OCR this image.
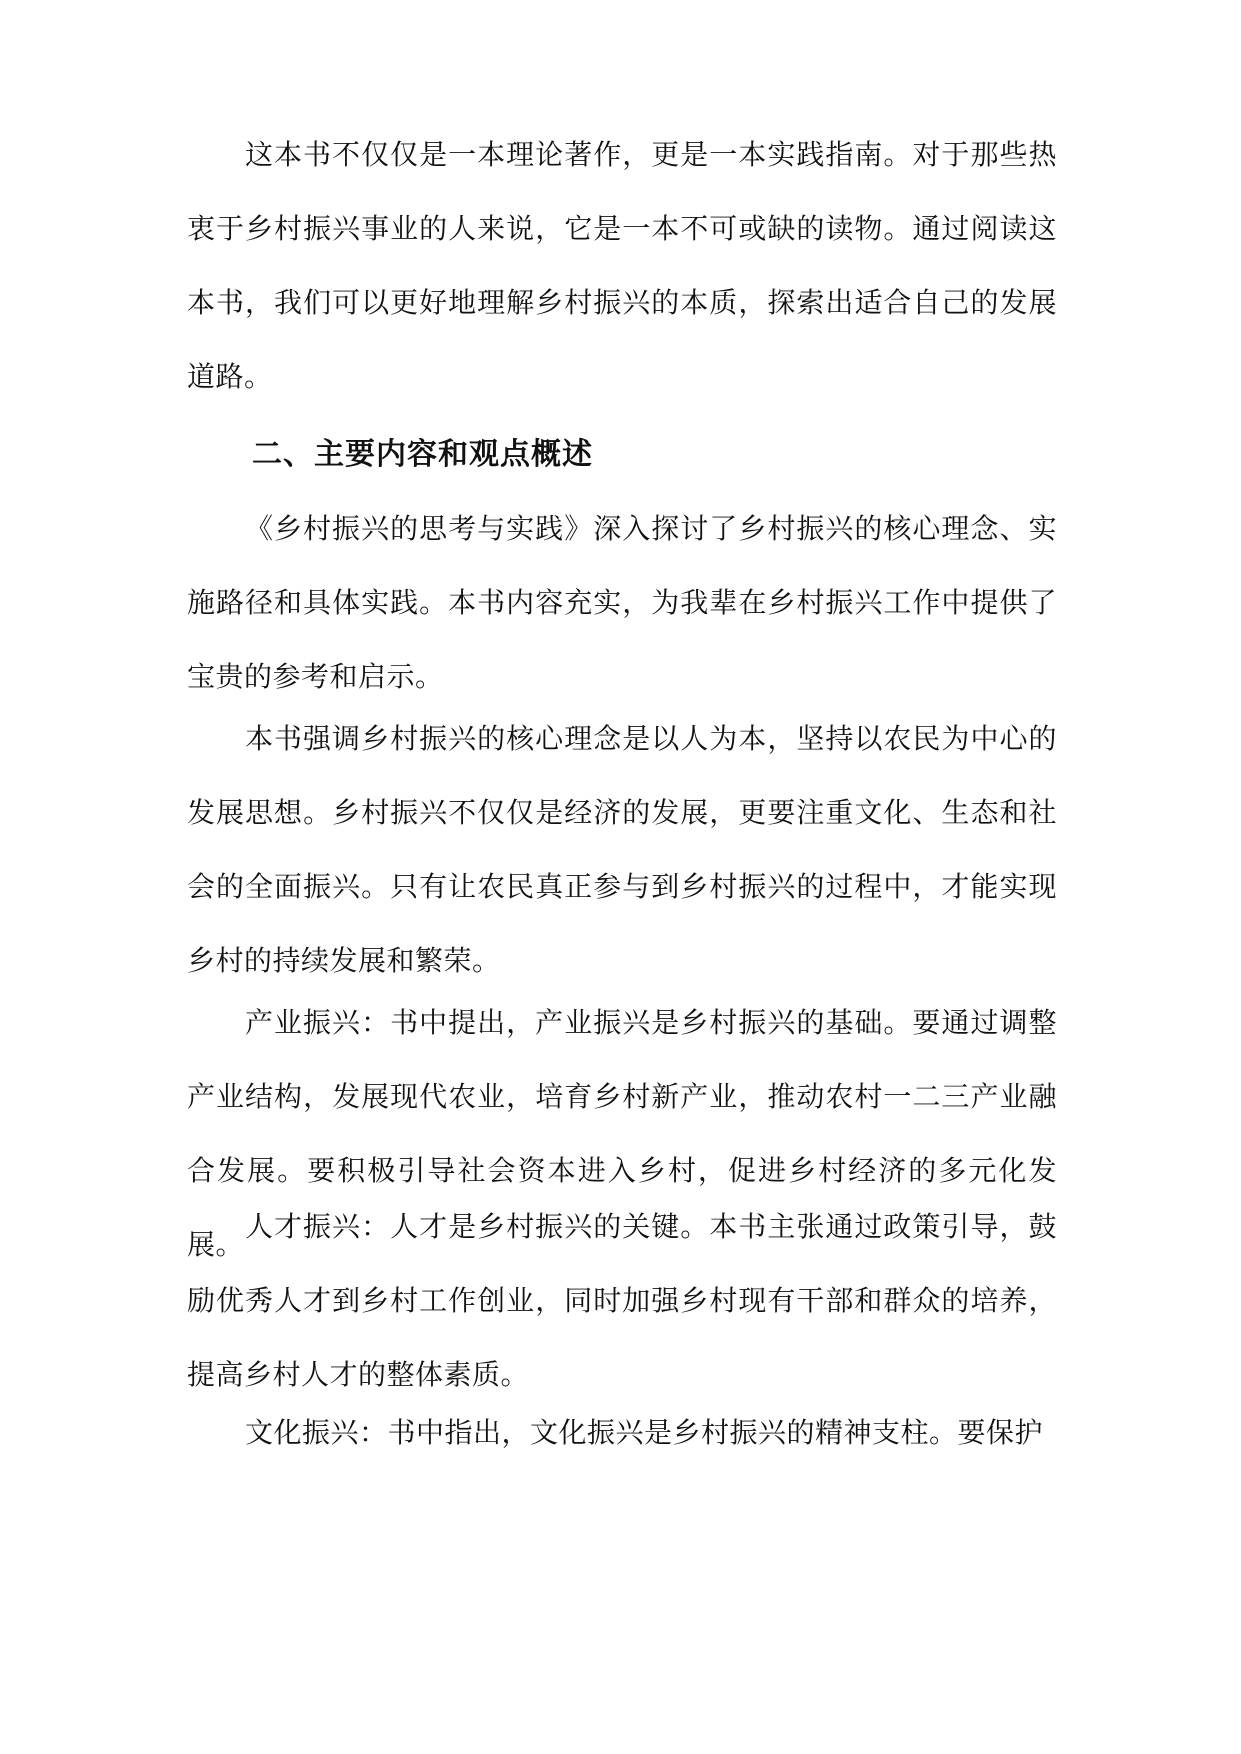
这本书不仅仅是一本理论著作，更是一本实践指南。对于那些热衷于乡村振兴事业的人来说，它是一本不可或缺的读物。通过阅读这本书，我们可以更好地理解乡村振兴的本质，探索出适合自己的发展道路。

二、主要内容和观点概述

《乡村振兴的思考与实践》深入探讨了乡村振兴的核心理念、实施路径和具体实践。本书内容充实，为我辈在乡村振兴工作中提供了宝贵的参考和启示。

本书强调乡村振兴的核心理念是以人为本，坚持以农民为中心的发展思想。乡村振兴不仅仅是经济的发展，更要注重文化、生态和社会的全面振兴。只有让农民真正参与到乡村振兴的过程中，才能实现乡村的持续发展和繁荣。

产业振兴：书中提出，产业振兴是乡村振兴的基础。要通过调整产业结构，发展现代农业，培育乡村新产业，推动农村一二三产业融合发展。要积极引导社会资本进入乡村，促进乡村经济的多元化发展。

人才振兴：人才是乡村振兴的关键。本书主张通过政策引导，鼓励优秀人才到乡村工作创业，同时加强乡村现有干部和群众的培养，提高乡村人才的整体素质。

文化振兴：书中指出，文化振兴是乡村振兴的精神支柱。要保护
